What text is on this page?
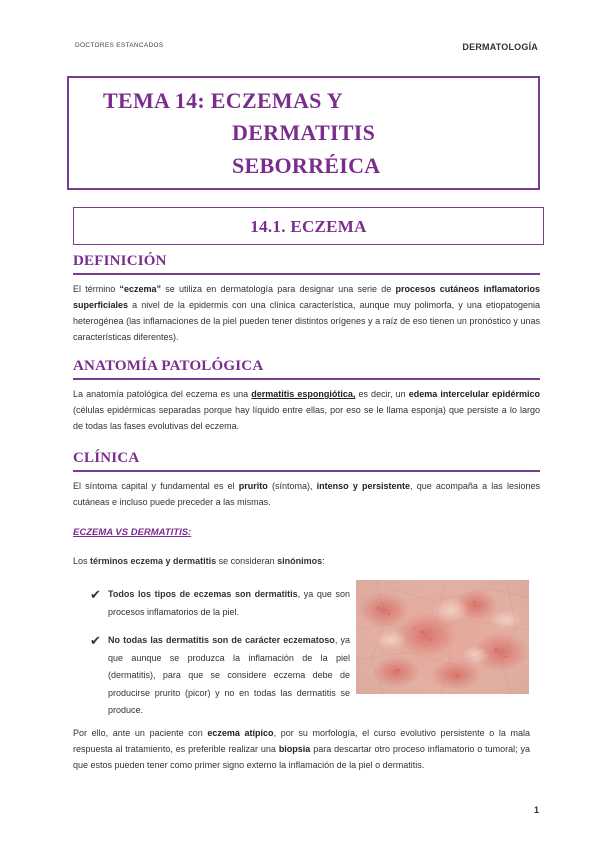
DOCTORES ESTANCADOS	DERMATOLOGÍA
TEMA 14: ECZEMAS Y
DERMATITIS
SEBORRÉICA
14.1. ECZEMA
DEFINICIÓN

El término “eczema” se utiliza en dermatología para designar una serie de procesos cutáneos inflamatorios superficiales a nivel de la epidermis con una clínica característica, aunque muy polimorfa, y una etiopatogenia heterogénea (las inflamaciones de la piel pueden tener distintos orígenes y a raíz de eso tienen un pronóstico y unas características diferentes).

ANATOMÍA PATOLÓGICA

La anatomía patológica del eczema es una dermatitis espongiótica, es decir, un edema intercelular epidérmico (células epidérmicas separadas porque hay líquido entre ellas, por eso se le llama esponja) que persiste a lo largo de todas las fases evolutivas del eczema.

CLÍNICA

El síntoma capital y fundamental es el prurito (síntoma), intenso y persistente, que acompaña a las lesiones cutáneas e incluso puede preceder a las mismas.

ECZEMA VS DERMATITIS:
Los términos eczema y dermatitis se consideran sinónimos:
✔ Todos los tipos de eczemas son dermatitis, ya que son procesos inflamatorios de la piel.
✔ No todas las dermatitis son de carácter eczematoso, ya que aunque se produzca la inflamación de la piel (dermatitis), para que se considere eczema debe de producirse prurito (picor) y no en todas las dermatitis se produce.

Por ello, ante un paciente con eczema atípico, por su morfología, el curso evolutivo persistente o la mala respuesta al tratamiento, es preferible realizar una biopsia para descartar otro proceso inflamatorio o tumoral; ya que estos pueden tener como primer signo externo la inflamación de la piel o dermatitis.

1
